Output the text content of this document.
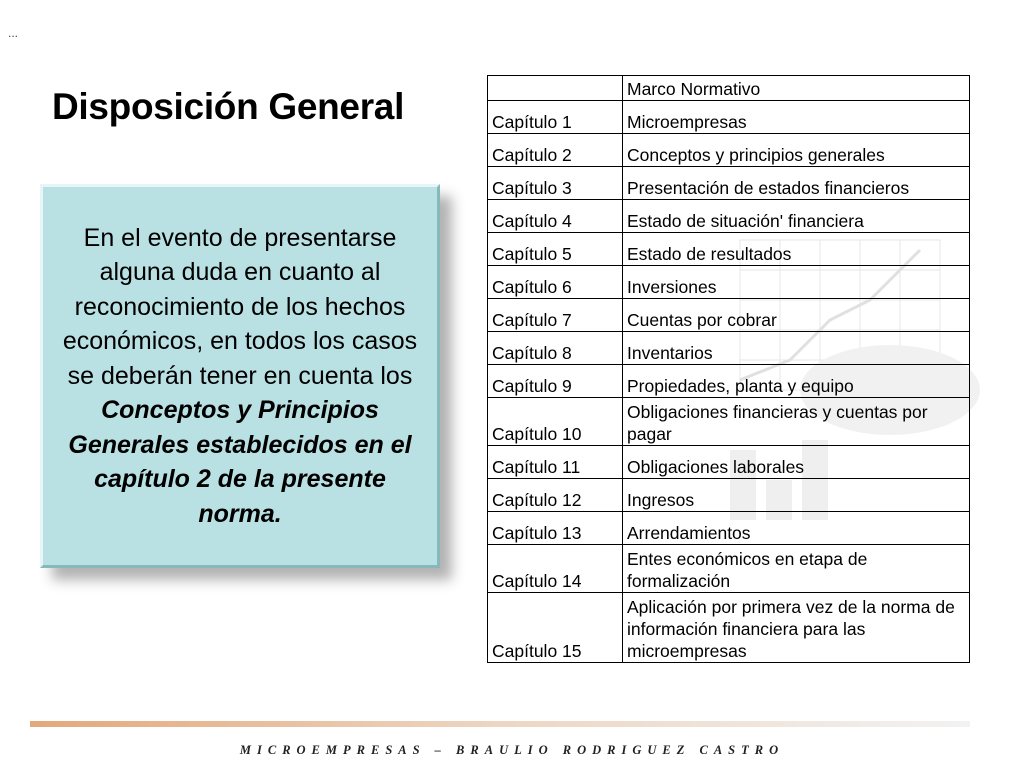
...
Disposición General

En el evento de presentarse alguna duda en cuanto al reconocimiento de los hechos económicos, en todos los casos se deberán tener en cuenta los Conceptos y Principios Generales establecidos en el capítulo 2 de la presente norma.

	Marco Normativo
Capítulo 1	Microempresas
Capítulo 2	Conceptos y principios generales
Capítulo 3	Presentación de estados financieros
Capítulo 4	Estado de situación' financiera
Capítulo 5	Estado de resultados
Capítulo 6	Inversiones
Capítulo 7	Cuentas por cobrar
Capítulo 8	Inventarios
Capítulo 9	Propiedades, planta y equipo
Capítulo 10	Obligaciones financieras y cuentas por pagar
Capítulo 11	Obligaciones laborales
Capítulo 12	Ingresos
Capítulo 13	Arrendamientos
Capítulo 14	Entes económicos en etapa de formalización
Capítulo 15	Aplicación por primera vez de la norma de información financiera para las microempresas
MICROEMPRESAS – BRAULIO RODRIGUEZ CASTRO
